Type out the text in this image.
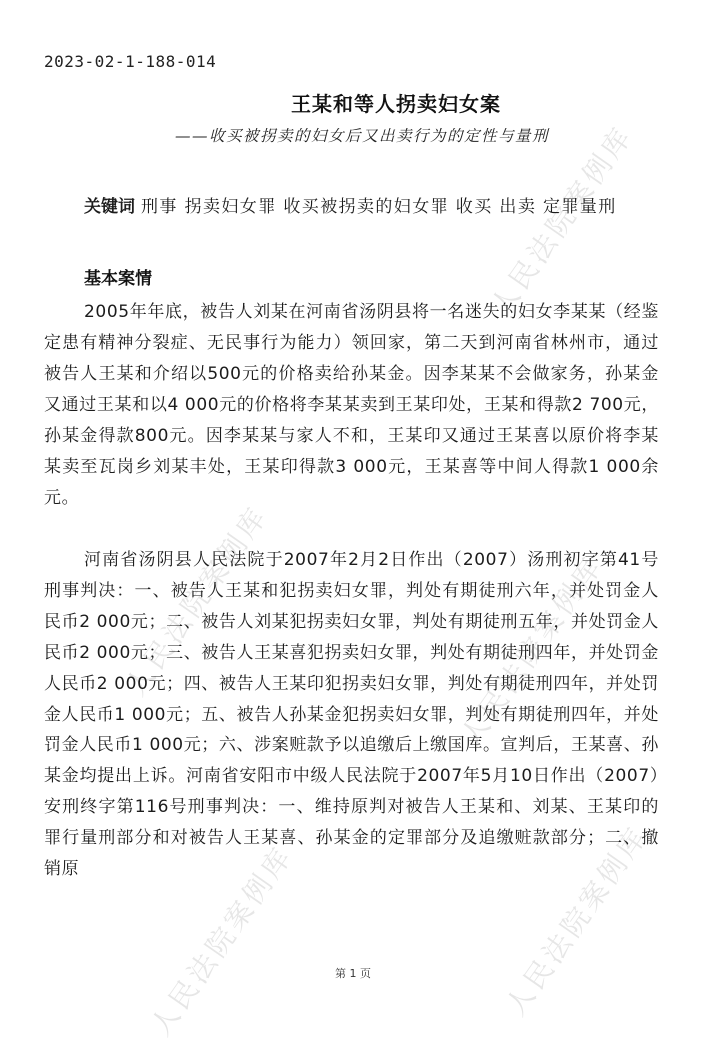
人民法院案例库
人民法院案例库	人民法院案例库
人民法院案例库	人民法院案例库
2023-02-1-188-014
王某和等人拐卖妇女案
——收买被拐卖的妇女后又出卖行为的定性与量刑
关键词 刑事 拐卖妇女罪 收买被拐卖的妇女罪 收买 出卖 定罪量刑
基本案情

2005年年底，被告人刘某在河南省汤阴县将一名迷失的妇女李某某（经鉴定患有精神分裂症、无民事行为能力）领回家，第二天到河南省林州市，通过被告人王某和介绍以500元的价格卖给孙某金。因李某某不会做家务，孙某金又通过王某和以4 000元的价格将李某某卖到王某印处，王某和得款2 700元，孙某金得款800元。因李某某与家人不和，王某印又通过王某喜以原价将李某某卖至瓦岗乡刘某丰处，王某印得款3 000元，王某喜等中间人得款1 000余元。

河南省汤阴县人民法院于2007年2月2日作出（2007）汤刑初字第41号刑事判决：一、被告人王某和犯拐卖妇女罪，判处有期徒刑六年，并处罚金人民币2 000元；二、被告人刘某犯拐卖妇女罪，判处有期徒刑五年，并处罚金人民币2 000元；三、被告人王某喜犯拐卖妇女罪，判处有期徒刑四年，并处罚金人民币2 000元；四、被告人王某印犯拐卖妇女罪，判处有期徒刑四年，并处罚金人民币1 000元；五、被告人孙某金犯拐卖妇女罪，判处有期徒刑四年，并处罚金人民币1 000元；六、涉案赃款予以追缴后上缴国库。宣判后，王某喜、孙某金均提出上诉。河南省安阳市中级人民法院于2007年5月10日作出（2007）安刑终字第116号刑事判决：一、维持原判对被告人王某和、刘某、王某印的罪行量刑部分和对被告人王某喜、孙某金的定罪部分及追缴赃款部分；二、撤销原

第 1 页
